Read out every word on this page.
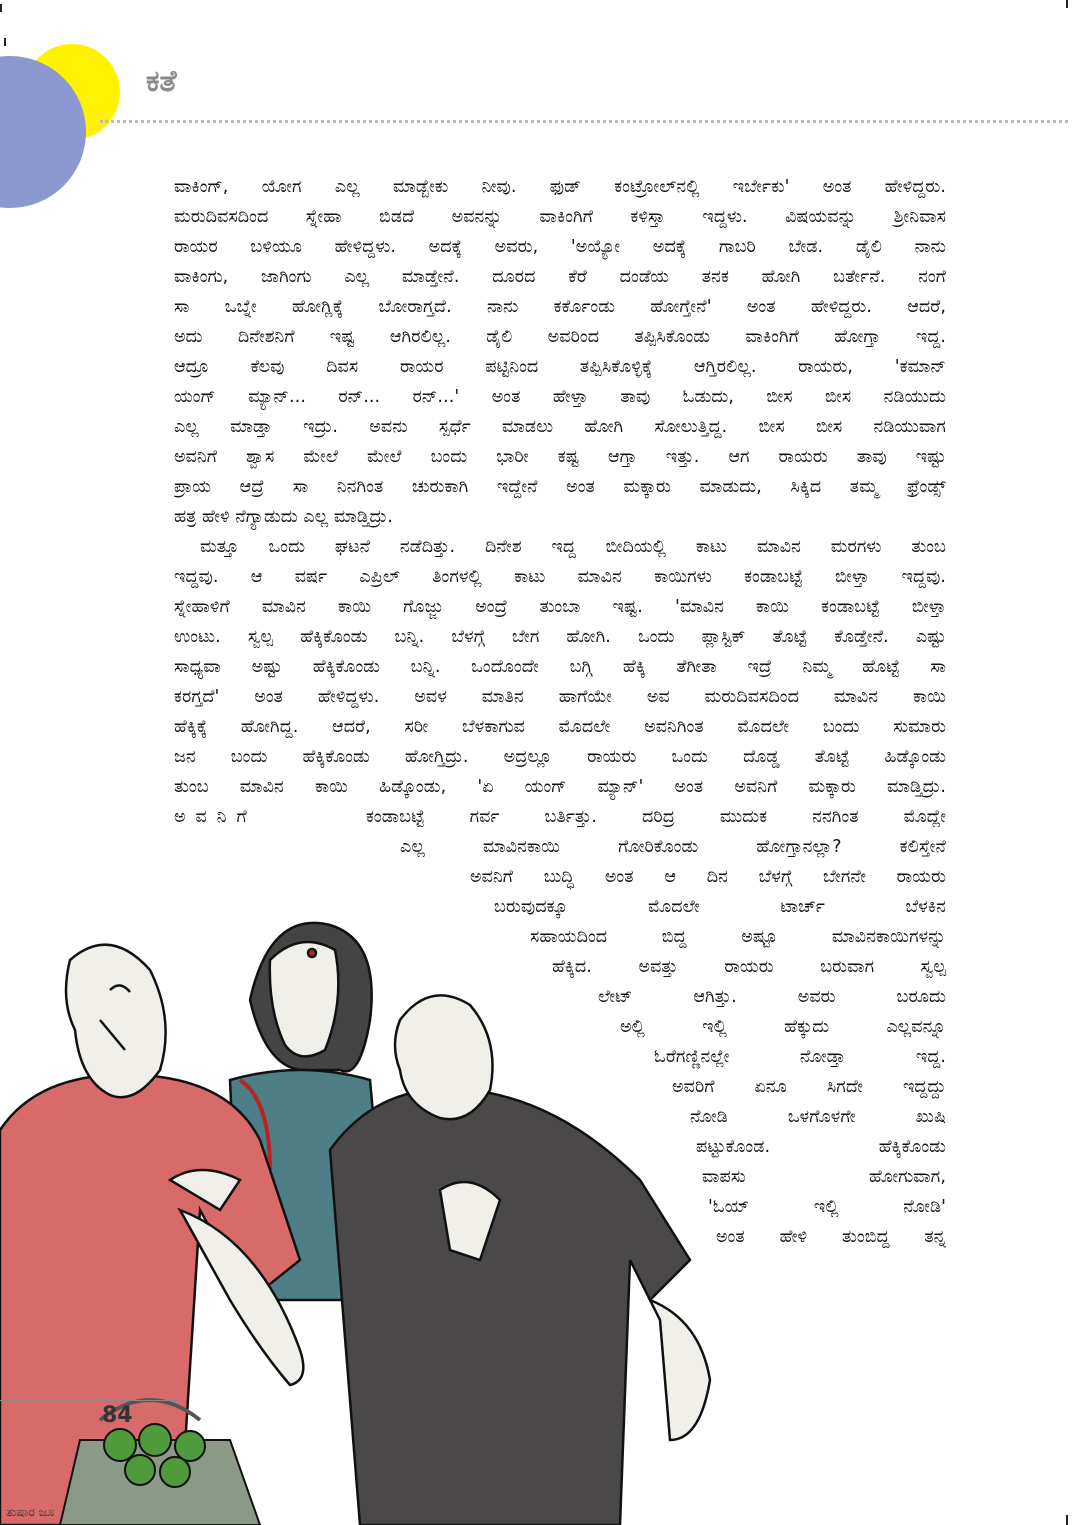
ಕತೆ
ವಾಕಿಂಗ್, ಯೋಗ ಎಲ್ಲ ಮಾಡ್ಬೇಕು ನೀವು. ಫುಡ್ ಕಂಟ್ರೋಲ್‌ನಲ್ಲಿ ಇರ್ಬೇಕು' ಅಂತ ಹೇಳಿದ್ದರು.
ಮರುದಿವಸದಿಂದ ಸ್ನೇಹಾ ಬಿಡದೆ ಅವನನ್ನು ವಾಕಿಂಗಿಗೆ ಕಳಿಸ್ತಾ ಇದ್ದಳು. ವಿಷಯವನ್ನು ಶ್ರೀನಿವಾಸ
ರಾಯರ ಬಳಿಯೂ ಹೇಳಿದ್ದಳು. ಅದಕ್ಕೆ ಅವರು, 'ಅಯ್ಯೋ ಅದಕ್ಕೆ ಗಾಬರಿ ಬೇಡ. ಡೈಲಿ ನಾನು
ವಾಕಿಂಗು, ಜಾಗಿಂಗು ಎಲ್ಲ ಮಾಡ್ತೇನೆ. ದೂರದ ಕೆರೆ ದಂಡೆಯ ತನಕ ಹೋಗಿ ಬರ್ತೇನೆ. ನಂಗೆ
ಸಾ ಒಬ್ನೇ ಹೋಗ್ಲಿಕ್ಕೆ ಬೋರಾಗ್ತದೆ. ನಾನು ಕರ್ಕೊಂಡು ಹೋಗ್ತೇನೆ' ಅಂತ ಹೇಳಿದ್ದರು. ಆದರೆ,
ಅದು ದಿನೇಶನಿಗೆ ಇಷ್ಟ ಆಗಿರಲಿಲ್ಲ. ಡೈಲಿ ಅವರಿಂದ ತಪ್ಪಿಸಿಕೊಂಡು ವಾಕಿಂಗಿಗೆ ಹೋಗ್ತಾ ಇದ್ದ.
ಆದ್ರೂ ಕೆಲವು ದಿವಸ ರಾಯರ ಪಟ್ಟಿನಿಂದ ತಪ್ಪಿಸಿಕೊಳ್ಳಿಕ್ಕೆ ಆಗ್ತಿರಲಿಲ್ಲ. ರಾಯರು, 'ಕಮಾನ್
ಯಂಗ್ ಮ್ಯಾನ್... ರನ್... ರನ್...' ಅಂತ ಹೇಳ್ತಾ ತಾವು ಓಡುದು, ಬೀಸ ಬೀಸ ನಡಿಯುದು
ಎಲ್ಲ ಮಾಡ್ತಾ ಇದ್ರು. ಅವನು ಸ್ಪರ್ಧೆ ಮಾಡಲು ಹೋಗಿ ಸೋಲುತ್ತಿದ್ದ. ಬೀಸ ಬೀಸ ನಡಿಯುವಾಗ
ಅವನಿಗೆ ಶ್ವಾಸ ಮೇಲೆ ಮೇಲೆ ಬಂದು ಭಾರೀ ಕಷ್ಟ ಆಗ್ತಾ ಇತ್ತು. ಆಗ ರಾಯರು ತಾವು ಇಷ್ಟು
ಪ್ರಾಯ ಆದ್ರೆ ಸಾ ನಿನಗಿಂತ ಚುರುಕಾಗಿ ಇದ್ದೇನೆ ಅಂತ ಮಕ್ಕಾರು ಮಾಡುದು, ಸಿಕ್ಕಿದ ತಮ್ಮ ಫ್ರೆಂಡ್ಸ್
ಹತ್ರ ಹೇಳಿ ನೆಗ್ಯಾಡುದು ಎಲ್ಲ ಮಾಡ್ತಿದ್ರು.
ಮತ್ತೂ ಒಂದು ಘಟನೆ ನಡೆದಿತ್ತು. ದಿನೇಶ ಇದ್ದ ಬೀದಿಯಲ್ಲಿ ಕಾಟು ಮಾವಿನ ಮರಗಳು ತುಂಬ
ಇದ್ದವು. ಆ ವರ್ಷ ಎಪ್ರಿಲ್ ತಿಂಗಳಲ್ಲಿ ಕಾಟು ಮಾವಿನ ಕಾಯಿಗಳು ಕಂಡಾಬಟ್ಟೆ ಬೀಳ್ತಾ ಇದ್ದವು.
ಸ್ನೇಹಾಳಿಗೆ ಮಾವಿನ ಕಾಯಿ ಗೊಜ್ಜು ಅಂದ್ರೆ ತುಂಬಾ ಇಷ್ಟ. 'ಮಾವಿನ ಕಾಯಿ ಕಂಡಾಬಟ್ಟೆ ಬೀಳ್ತಾ
ಉಂಟು. ಸ್ವಲ್ಪ ಹೆಕ್ಕಿಕೊಂಡು ಬನ್ನಿ. ಬೆಳಗ್ಗೆ ಬೇಗ ಹೋಗಿ. ಒಂದು ಪ್ಲಾಸ್ಟಿಕ್ ತೊಟ್ಟೆ ಕೊಡ್ತೇನೆ. ಎಷ್ಟು
ಸಾಧ್ಯವಾ ಅಷ್ಟು ಹೆಕ್ಕಿಕೊಂಡು ಬನ್ನಿ. ಒಂದೊಂದೇ ಬಗ್ಗಿ ಹೆಕ್ಕಿ ತೆಗೀತಾ ಇದ್ರೆ ನಿಮ್ಮ ಹೊಟ್ಟೆ ಸಾ
ಕರಗ್ತದೆ' ಅಂತ ಹೇಳಿದ್ದಳು. ಅವಳ ಮಾತಿನ ಹಾಗೆಯೇ ಅವ ಮರುದಿವಸದಿಂದ ಮಾವಿನ ಕಾಯಿ
ಹೆಕ್ಕಿಕ್ಕೆ ಹೋಗಿದ್ದ. ಆದರೆ, ಸರೀ ಬೆಳಕಾಗುವ ಮೊದಲೇ ಅವನಿಗಿಂತ ಮೊದಲೇ ಬಂದು ಸುಮಾರು
ಜನ ಬಂದು ಹೆಕ್ಕಿಕೊಂಡು ಹೋಗ್ತಿದ್ರು. ಅದ್ರಲ್ಲೂ ರಾಯರು ಒಂದು ದೊಡ್ಡ ತೊಟ್ಟೆ ಹಿಡ್ಕೊಂಡು
ತುಂಬ ಮಾವಿನ ಕಾಯಿ ಹಿಡ್ಕೊಂಡು, 'ಏ ಯಂಗ್ ಮ್ಯಾನ್' ಅಂತ ಅವನಿಗೆ ಮಕ್ಕಾರು ಮಾಡ್ತಿದ್ರು.
ಅವನಿಗೆ	ಕಂಡಾಬಟ್ಟೆ ಗರ್ವ ಬರ್ತಿತ್ತು. ದರಿದ್ರ ಮುದುಕ ನನಗಿಂತ ಮೊದ್ಲೇ
ಎಲ್ಲ ಮಾವಿನಕಾಯಿ ಗೋರಿಕೊಂಡು ಹೋಗ್ತಾನಲ್ಲಾ? ಕಲಿಸ್ತೇನೆ
ಅವನಿಗೆ ಬುದ್ಧಿ ಅಂತ ಆ ದಿನ ಬೆಳಗ್ಗೆ ಬೇಗನೇ ರಾಯರು
ಬರುವುದಕ್ಕೂ ಮೊದಲೇ ಟಾರ್ಚ್ ಬೆಳಕಿನ
ಸಹಾಯದಿಂದ ಬಿದ್ದ ಅಷ್ಟೂ ಮಾವಿನಕಾಯಿಗಳನ್ನು
ಹೆಕ್ಕಿದ. ಅವತ್ತು ರಾಯರು ಬರುವಾಗ ಸ್ವಲ್ಪ
ಲೇಟ್ ಆಗಿತ್ತು. ಅವರು ಬರೂದು
ಅಲ್ಲಿ ಇಲ್ಲಿ ಹೆಕ್ಕುದು ಎಲ್ಲವನ್ನೂ
ಓರೆಗಣ್ಣಿನಲ್ಲೇ ನೋಡ್ತಾ ಇದ್ದ.
ಅವರಿಗೆ ಏನೂ ಸಿಗದೇ ಇದ್ದದ್ದು
ನೋಡಿ ಒಳಗೊಳಗೇ ಖುಷಿ
ಪಟ್ಟುಕೊಂಡ. ಹೆಕ್ಕಿಕೊಂಡು
ವಾಪಸು ಹೋಗುವಾಗ,
'ಓಯ್ ಇಲ್ಲಿ ನೋಡಿ'
ಅಂತ ಹೇಳಿ ತುಂಬಿದ್ದ ತನ್ನ

84

ತುಷಾರ ಜೂ
